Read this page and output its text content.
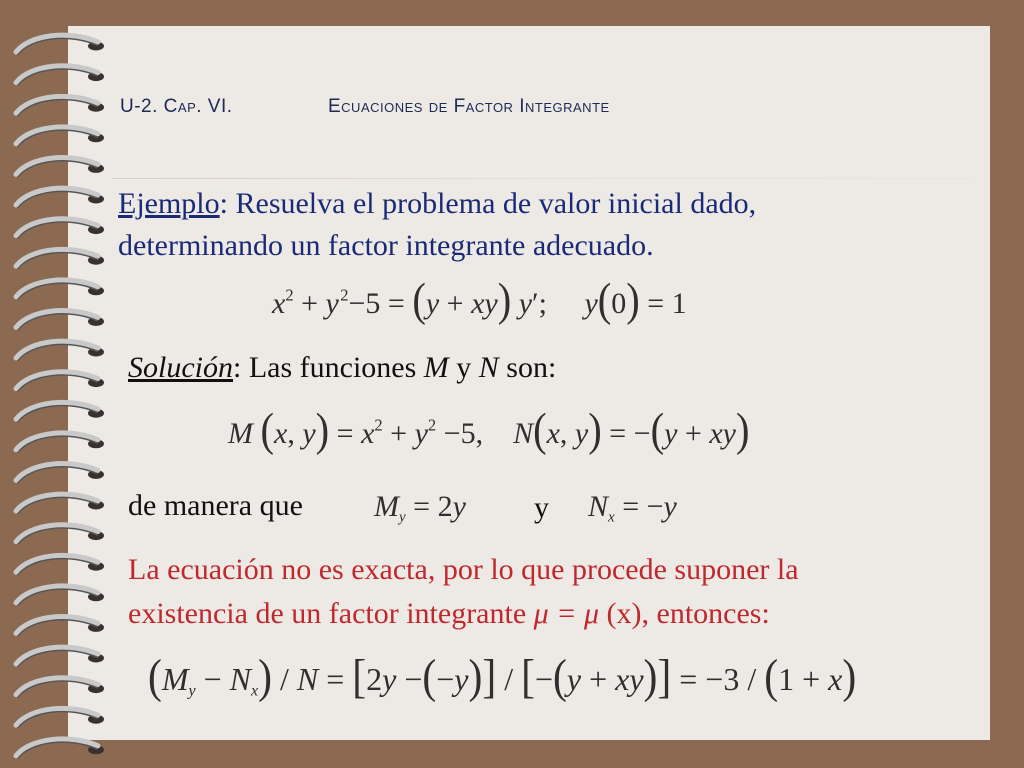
U-2. Cap. VI.	Ecuaciones de Factor Integrante
Ejemplo: Resuelva el problema de valor inicial dado,
determinando un factor integrante adecuado.
$x^2 + y$ $^2$−5 = (y + xy) y′;     y(0) = 1
Solución: Las funciones M y N son:
M (x, $y) = x^2 + y^2 -5$,    N(x, y) = −(y + xy)
de manera que $M_y = 2y$ y $N_x = -y$
La ecuación no es exacta, por lo que procede suponer la
existencia de un factor integrante μ = μ (x), entonces:
$(M_y - N_x) / N = [2y -(-y)] / [-(y + xy)] = -3 / (1 + x)$
